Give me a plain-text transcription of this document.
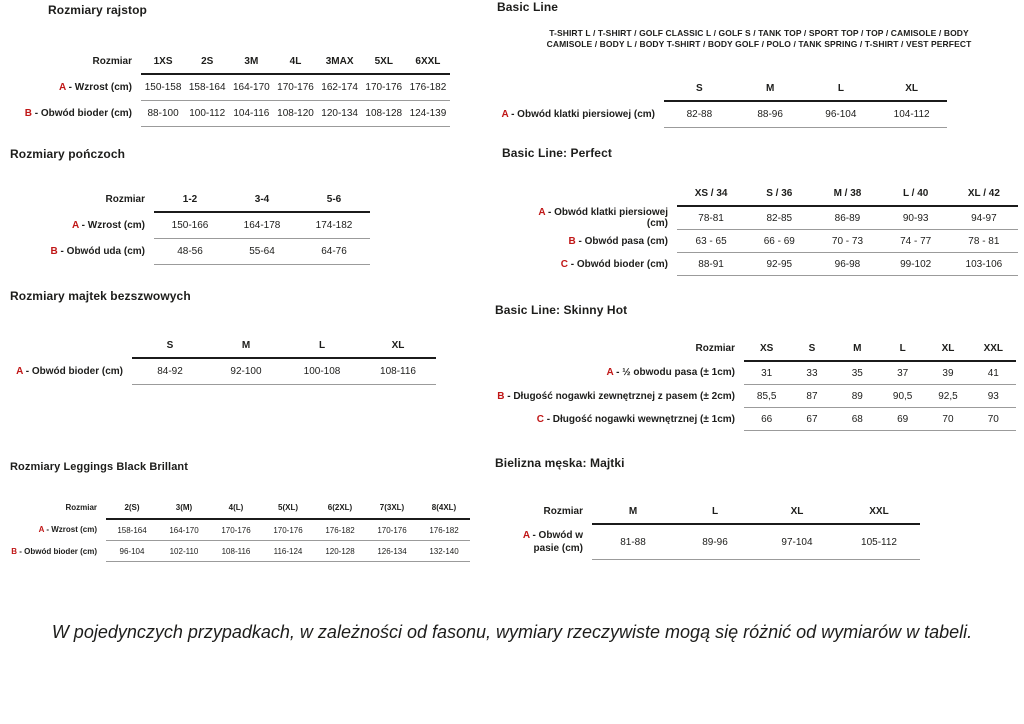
Rozmiary rajstop
Rozmiar	1XS	2S	3M	4L	3MAX	5XL	6XXL
A - Wzrost (cm)	150-158	158-164	164-170	170-176	162-174	170-176	176-182
B - Obwód bioder (cm)	88-100	100-112	104-116	108-120	120-134	108-128	124-139
Rozmiary pończoch
Rozmiar	1-2	3-4	5-6
A - Wzrost (cm)	150-166	164-178	174-182
B - Obwód uda (cm)	48-56	55-64	64-76
Rozmiary majtek bezszwowych
	S	M	L	XL
A - Obwód bioder (cm)	84-92	92-100	100-108	108-116
Rozmiary Leggings Black Brillant
Rozmiar	2(S)	3(M)	4(L)	5(XL)	6(2XL)	7(3XL)	8(4XL)
A - Wzrost (cm)	158-164	164-170	170-176	170-176	176-182	170-176	176-182
B - Obwód bioder (cm)	96-104	102-110	108-116	116-124	120-128	126-134	132-140
Basic Line
	S	M	L	XL
A - Obwód klatki piersiowej (cm)	82-88	88-96	96-104	104-112
T-SHIRT L / T-SHIRT / GOLF CLASSIC L / GOLF S / TANK TOP / SPORT TOP / TOP / CAMISOLE / BODY
CAMISOLE / BODY L / BODY T-SHIRT / BODY GOLF / POLO / TANK SPRING / T-SHIRT / VEST PERFECT
Basic Line: Perfect
	XS / 34	S / 36	M / 38	L / 40	XL / 42
A - Obwód klatki piersiowej (cm)	78-81	82-85	86-89	90-93	94-97
B - Obwód pasa (cm)	63 - 65	66 - 69	70 - 73	74 - 77	78 - 81
C - Obwód bioder (cm)	88-91	92-95	96-98	99-102	103-106
Basic Line: Skinny Hot
Rozmiar	XS	S	M	L	XL	XXL
A - ½ obwodu pasa (± 1cm)	31	33	35	37	39	41
B - Długość nogawki zewnętrznej z pasem (± 2cm)	85,5	87	89	90,5	92,5	93
C - Długość nogawki wewnętrznej (± 1cm)	66	67	68	69	70	70
Bielizna męska: Majtki
Rozmiar	M	L	XL	XXL
A - Obwód w pasie (cm)	81-88	89-96	97-104	105-112
W pojedynczych przypadkach, w zależności od fasonu, wymiary rzeczywiste mogą się różnić od wymiarów w tabeli.
